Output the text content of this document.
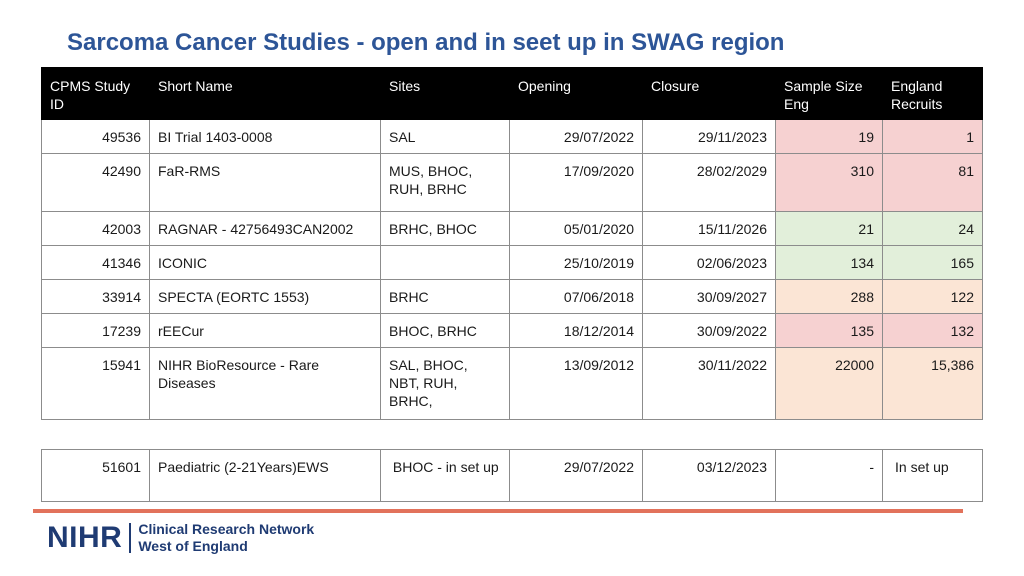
Sarcoma Cancer Studies - open and in seet up in SWAG region
CPMS Study ID	Short Name	Sites	Opening	Closure	Sample Size Eng	England Recruits
49536	BI Trial 1403-0008	SAL	29/07/2022	29/11/2023	19	1
42490	FaR-RMS	MUS, BHOC, RUH, BRHC	17/09/2020	28/02/2029	310	81
42003	RAGNAR - 42756493CAN2002	BRHC, BHOC	05/01/2020	15/11/2026	21	24
41346	ICONIC		25/10/2019	02/06/2023	134	165
33914	SPECTA (EORTC 1553)	BRHC	07/06/2018	30/09/2027	288	122
17239	rEECur	BHOC, BRHC	18/12/2014	30/09/2022	135	132
15941	NIHR BioResource - Rare Diseases	SAL, BHOC, NBT, RUH, BRHC,	13/09/2012	30/11/2022	22000	15,386
51601	Paediatric (2-21Years)EWS	BHOC - in set up	29/07/2022	03/12/2023	-	In set up
NIHR Clinical Research Network
West of England
